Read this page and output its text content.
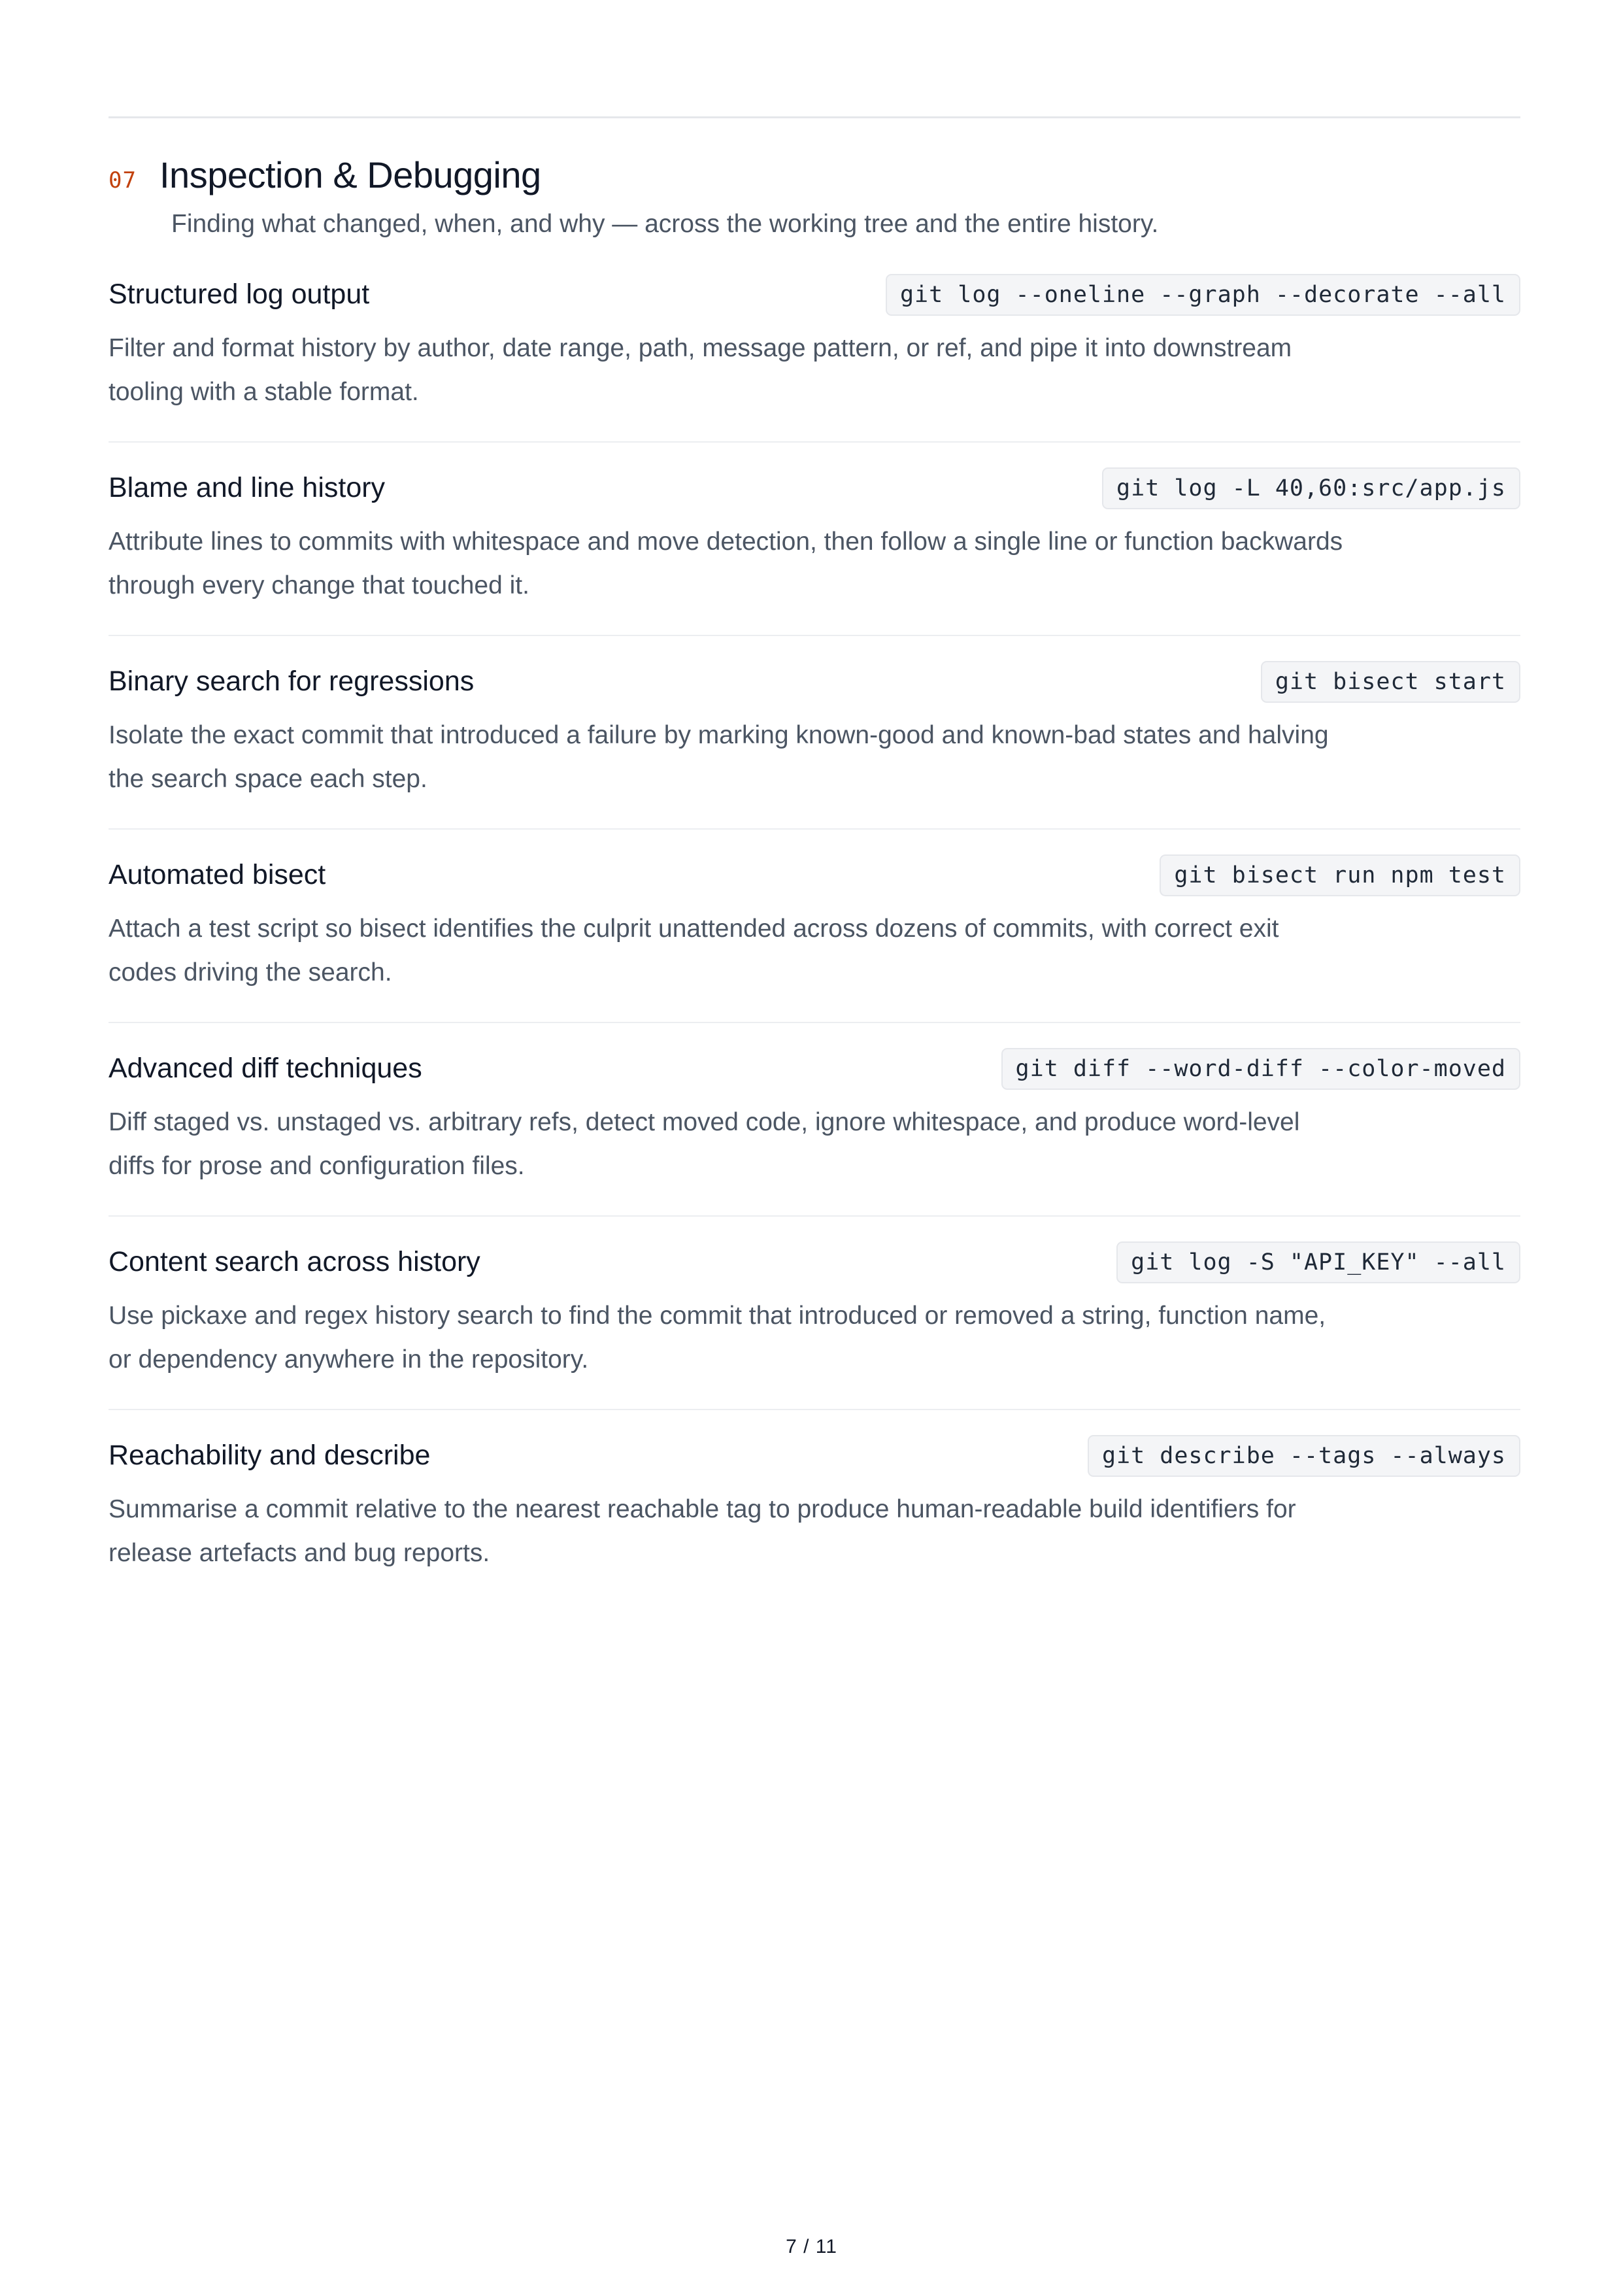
07 Inspection & Debugging

Finding what changed, when, and why — across the working tree and the entire history.

Structured log output	git log --oneline --graph --decorate --all

Filter and format history by author, date range, path, message pattern, or ref, and pipe it into downstream tooling with a stable format.

Blame and line history	git log -L 40,60:src/app.js

Attribute lines to commits with whitespace and move detection, then follow a single line or function backwards through every change that touched it.

Binary search for regressions	git bisect start

Isolate the exact commit that introduced a failure by marking known-good and known-bad states and halving the search space each step.

Automated bisect	git bisect run npm test

Attach a test script so bisect identifies the culprit unattended across dozens of commits, with correct exit codes driving the search.

Advanced diff techniques	git diff --word-diff --color-moved

Diff staged vs. unstaged vs. arbitrary refs, detect moved code, ignore whitespace, and produce word-level diffs for prose and configuration files.

Content search across history	git log -S "API_KEY" --all

Use pickaxe and regex history search to find the commit that introduced or removed a string, function name, or dependency anywhere in the repository.

Reachability and describe	git describe --tags --always

Summarise a commit relative to the nearest reachable tag to produce human-readable build identifiers for release artefacts and bug reports.

7 / 11
